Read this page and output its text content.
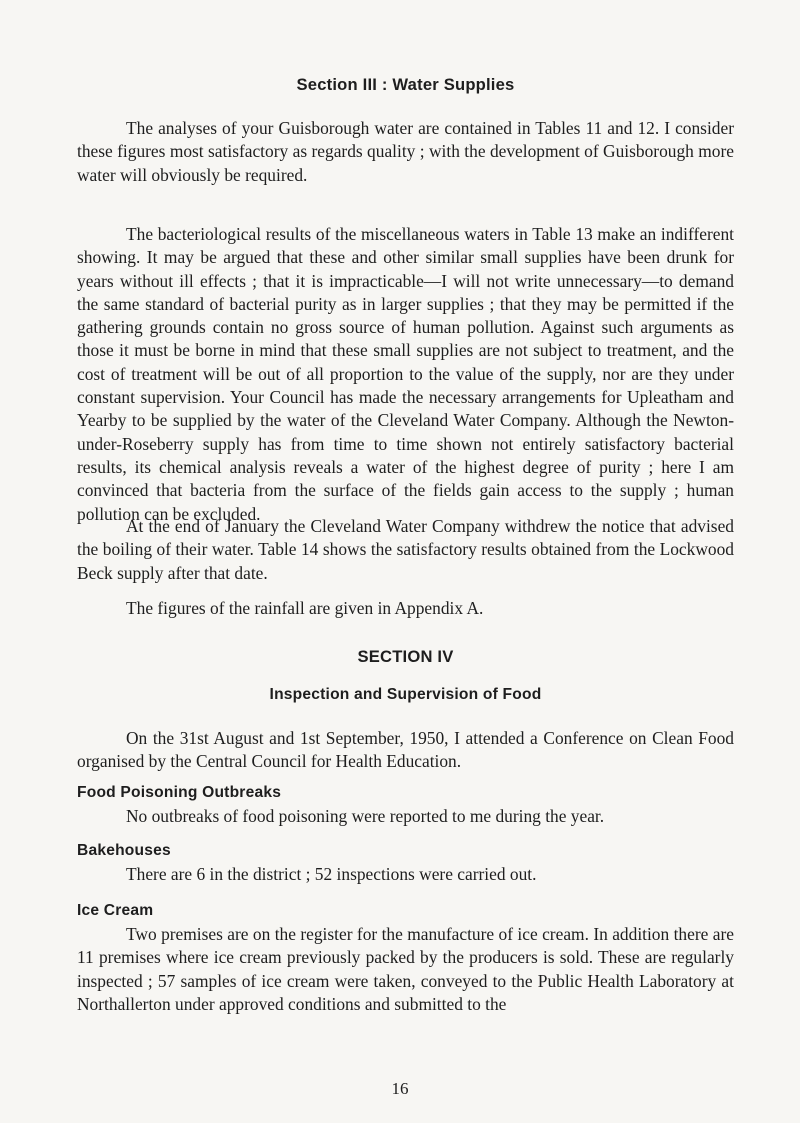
Section III : Water Supplies

The analyses of your Guisborough water are contained in Tables 11 and 12. I consider these figures most satisfactory as regards quality ; with the development of Guisborough more water will obviously be required.

The bacteriological results of the miscellaneous waters in Table 13 make an indifferent showing. It may be argued that these and other similar small supplies have been drunk for years without ill effects ; that it is impracticable—I will not write unnecessary—to demand the same standard of bacterial purity as in larger supplies ; that they may be permitted if the gathering grounds contain no gross source of human pollution. Against such arguments as those it must be borne in mind that these small supplies are not subject to treatment, and the cost of treatment will be out of all proportion to the value of the supply, nor are they under constant supervision. Your Council has made the necessary arrangements for Upleatham and Yearby to be supplied by the water of the Cleveland Water Company. Although the Newton-under-Roseberry supply has from time to time shown not entirely satisfactory bacterial results, its chemical analysis reveals a water of the highest degree of purity ; here I am convinced that bacteria from the surface of the fields gain access to the supply ; human pollution can be excluded.

At the end of January the Cleveland Water Company withdrew the notice that advised the boiling of their water. Table 14 shows the satisfactory results obtained from the Lockwood Beck supply after that date.

The figures of the rainfall are given in Appendix A.

SECTION IV
Inspection and Supervision of Food

On the 31st August and 1st September, 1950, I attended a Conference on Clean Food organised by the Central Council for Health Education.

Food Poisoning Outbreaks
No outbreaks of food poisoning were reported to me during the year.
Bakehouses
There are 6 in the district ; 52 inspections were carried out.
Ice Cream

Two premises are on the register for the manufacture of ice cream. In addition there are 11 premises where ice cream previously packed by the producers is sold. These are regularly inspected ; 57 samples of ice cream were taken, conveyed to the Public Health Laboratory at Northallerton under approved conditions and submitted to the

16
